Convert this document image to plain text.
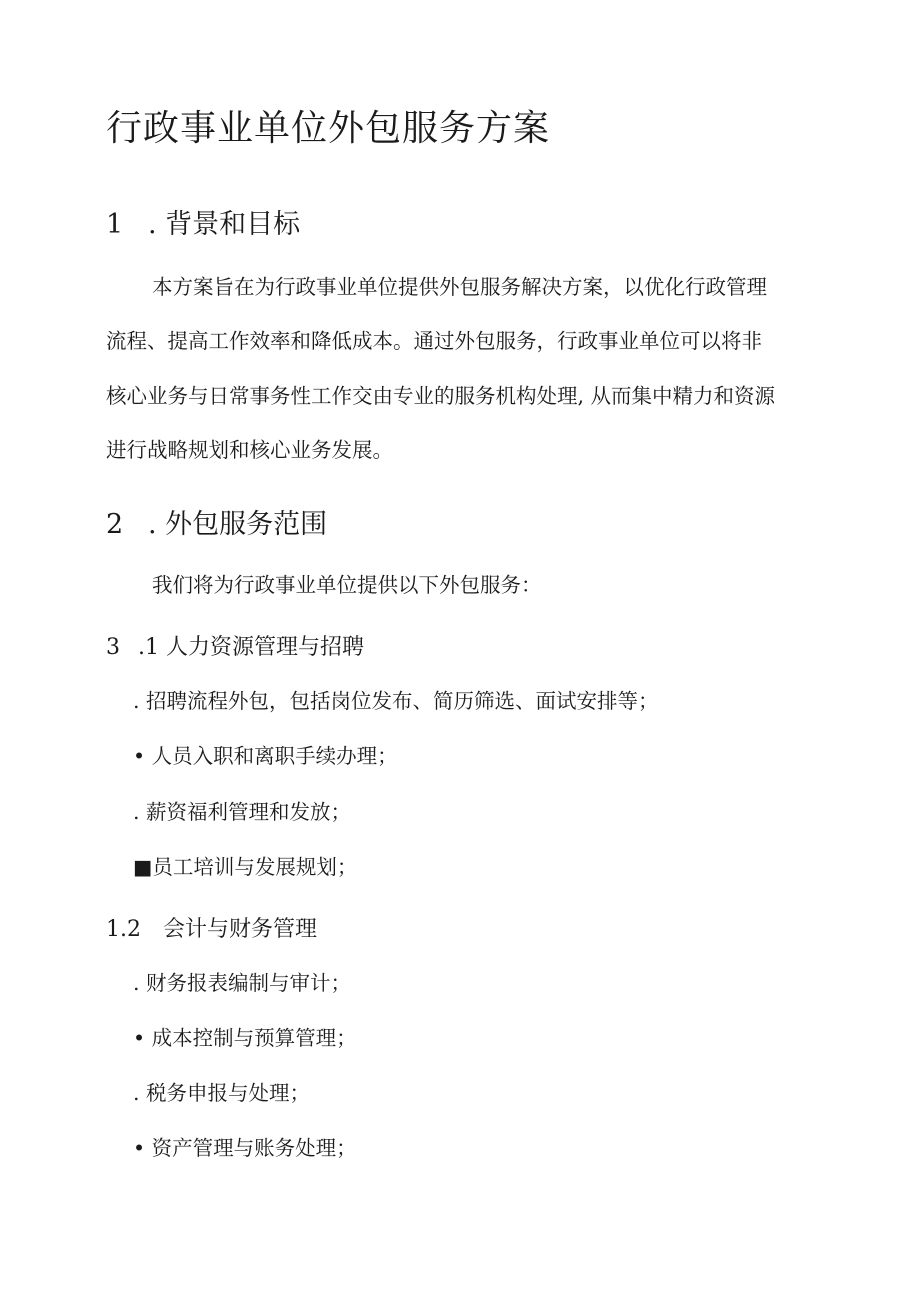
行政事业单位外包服务方案
1 . 背景和目标
本方案旨在为行政事业单位提供外包服务解决方案，以优化行政管理
流程、提高工作效率和降低成本。通过外包服务，行政事业单位可以将非
核心业务与日常事务性工作交由专业的服务机构处理, 从而集中精力和资源
进行战略规划和核心业务发展。
2 . 外包服务范围
我们将为行政事业单位提供以下外包服务：
3 .1 人力资源管理与招聘
. 招聘流程外包，包括岗位发布、简历筛选、面试安排等；
• 人员入职和离职手续办理；
. 薪资福利管理和发放；
■员工培训与发展规划；
1.2 会计与财务管理
. 财务报表编制与审计；
• 成本控制与预算管理；
. 税务申报与处理；
• 资产管理与账务处理；
